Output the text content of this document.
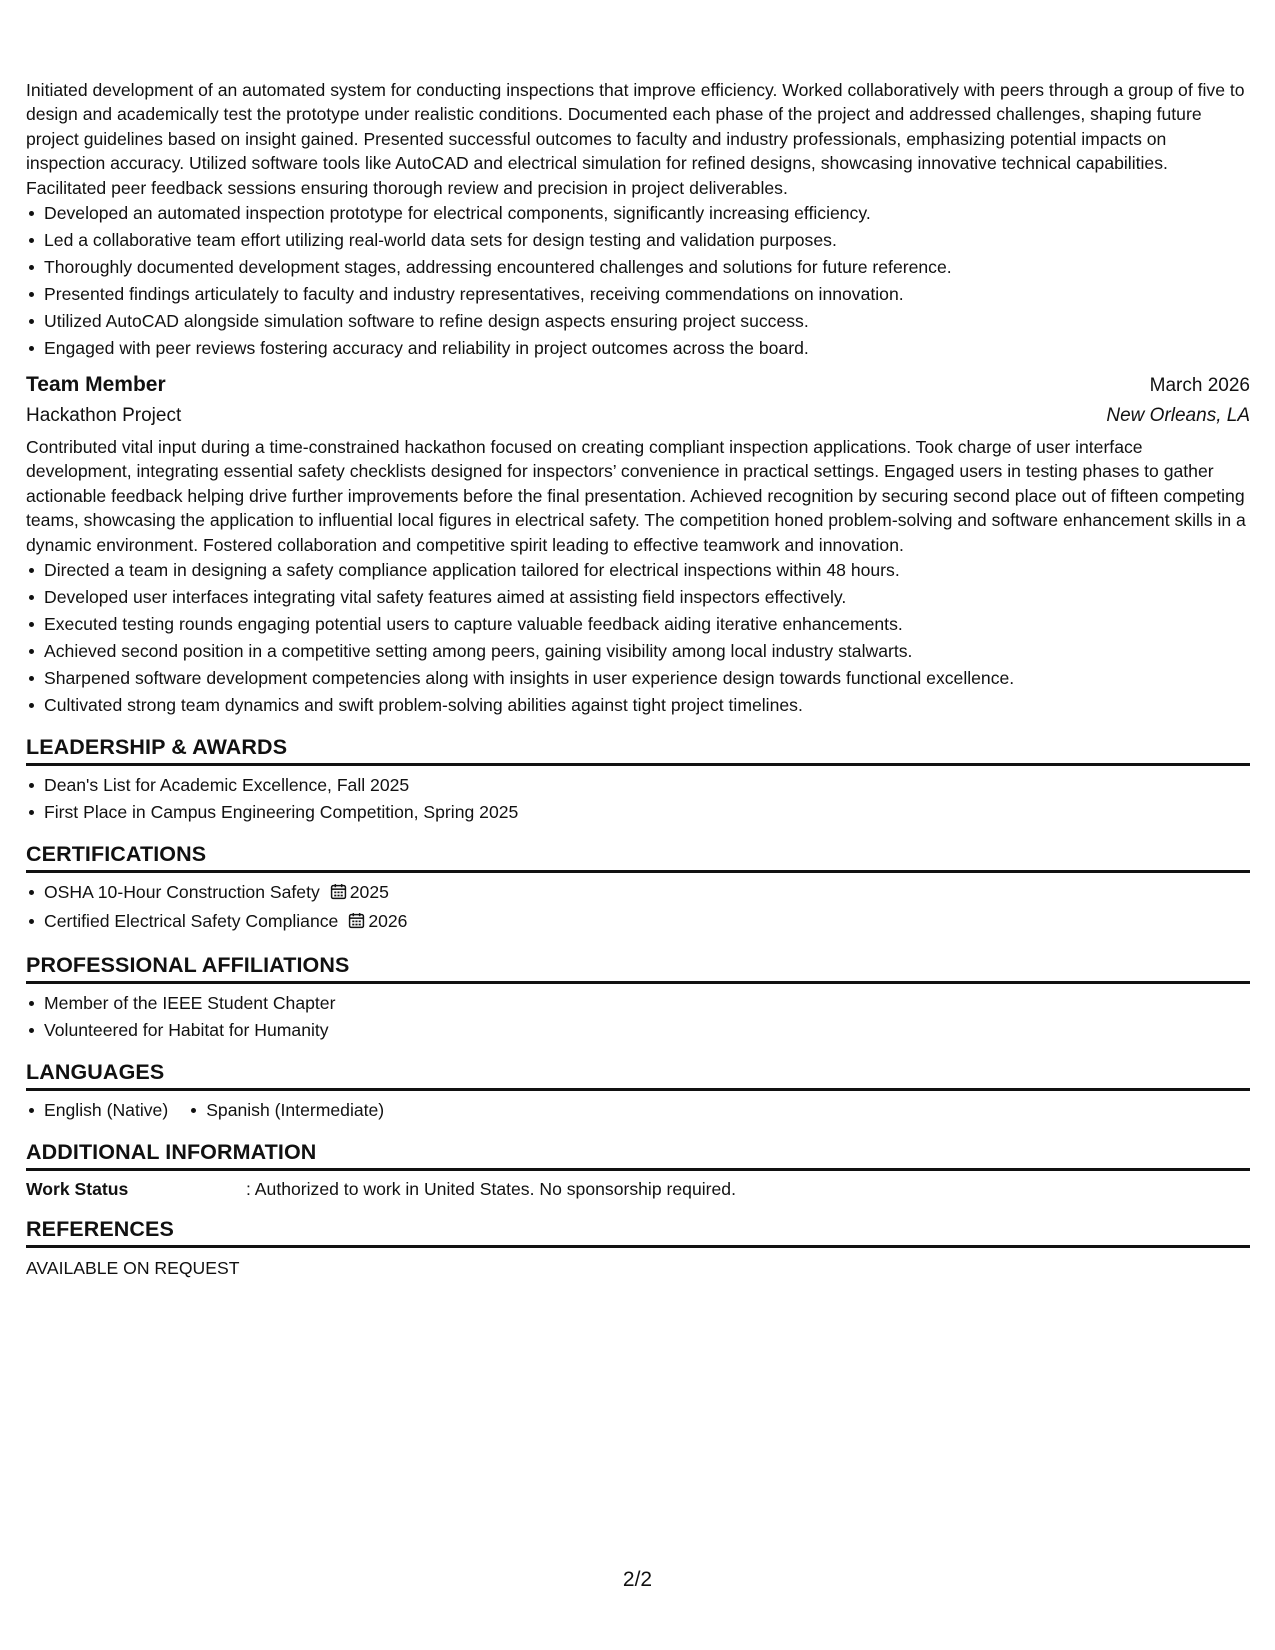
Initiated development of an automated system for conducting inspections that improve efficiency. Worked collaboratively with peers through a group of five to design and academically test the prototype under realistic conditions. Documented each phase of the project and addressed challenges, shaping future project guidelines based on insight gained. Presented successful outcomes to faculty and industry professionals, emphasizing potential impacts on inspection accuracy. Utilized software tools like AutoCAD and electrical simulation for refined designs, showcasing innovative technical capabilities. Facilitated peer feedback sessions ensuring thorough review and precision in project deliverables.

Developed an automated inspection prototype for electrical components, significantly increasing efficiency.
Led a collaborative team effort utilizing real-world data sets for design testing and validation purposes.
Thoroughly documented development stages, addressing encountered challenges and solutions for future reference.
Presented findings articulately to faculty and industry representatives, receiving commendations on innovation.
Utilized AutoCAD alongside simulation software to refine design aspects ensuring project success.
Engaged with peer reviews fostering accuracy and reliability in project outcomes across the board.
Team Member	March 2026
Hackathon Project	New Orleans, LA

Contributed vital input during a time-constrained hackathon focused on creating compliant inspection applications. Took charge of user interface development, integrating essential safety checklists designed for inspectors’ convenience in practical settings. Engaged users in testing phases to gather actionable feedback helping drive further improvements before the final presentation. Achieved recognition by securing second place out of fifteen competing teams, showcasing the application to influential local figures in electrical safety. The competition honed problem-solving and software enhancement skills in a dynamic environment. Fostered collaboration and competitive spirit leading to effective teamwork and innovation.

Directed a team in designing a safety compliance application tailored for electrical inspections within 48 hours.
Developed user interfaces integrating vital safety features aimed at assisting field inspectors effectively.
Executed testing rounds engaging potential users to capture valuable feedback aiding iterative enhancements.
Achieved second position in a competitive setting among peers, gaining visibility among local industry stalwarts.
Sharpened software development competencies along with insights in user experience design towards functional excellence.
Cultivated strong team dynamics and swift problem-solving abilities against tight project timelines.
LEADERSHIP & AWARDS
Dean's List for Academic Excellence, Fall 2025
First Place in Campus Engineering Competition, Spring 2025
CERTIFICATIONS
OSHA 10-Hour Construction Safety 2025
Certified Electrical Safety Compliance 2026
PROFESSIONAL AFFILIATIONS
Member of the IEEE Student Chapter
Volunteered for Habitat for Humanity
LANGUAGES
English (Native) Spanish (Intermediate)
ADDITIONAL INFORMATION
Work Status	: Authorized to work in United States. No sponsorship required.
REFERENCES
AVAILABLE ON REQUEST
2/2
